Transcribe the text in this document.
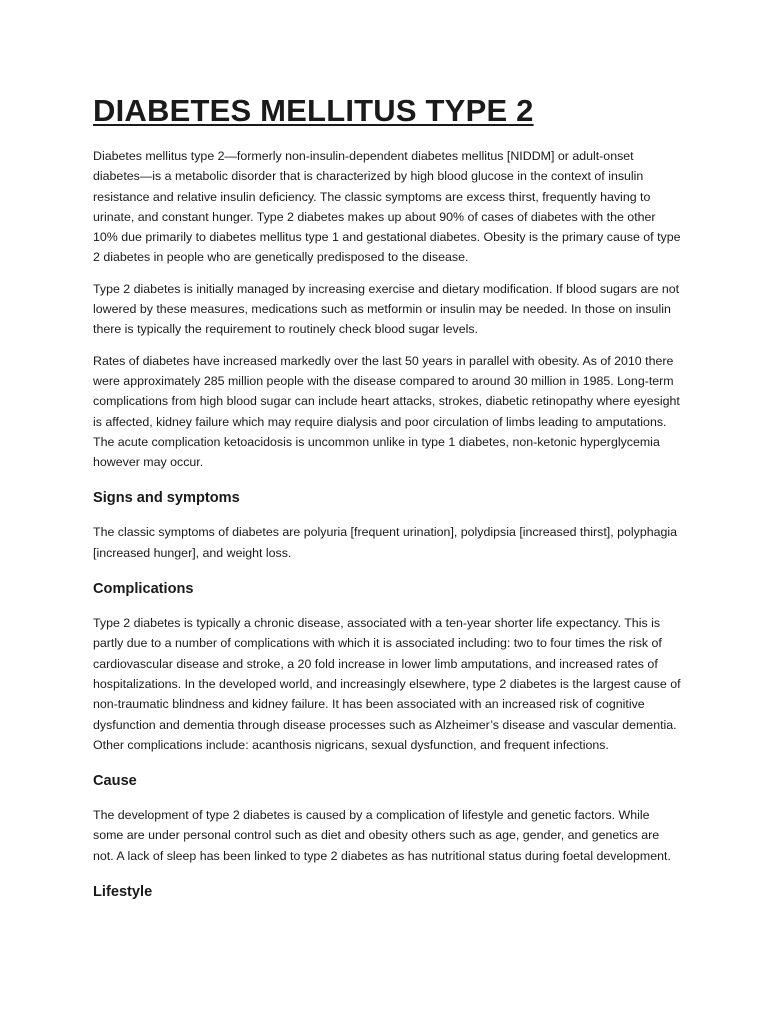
DIABETES MELLITUS TYPE 2

Diabetes mellitus type 2—formerly non-insulin-dependent diabetes mellitus [NIDDM] or adult-onset diabetes—is a metabolic disorder that is characterized by high blood glucose in the context of insulin resistance and relative insulin deficiency. The classic symptoms are excess thirst, frequently having to urinate, and constant hunger. Type 2 diabetes makes up about 90% of cases of diabetes with the other 10% due primarily to diabetes mellitus type 1 and gestational diabetes. Obesity is the primary cause of type 2 diabetes in people who are genetically predisposed to the disease.

Type 2 diabetes is initially managed by increasing exercise and dietary modification. If blood sugars are not lowered by these measures, medications such as metformin or insulin may be needed. In those on insulin there is typically the requirement to routinely check blood sugar levels.

Rates of diabetes have increased markedly over the last 50 years in parallel with obesity. As of 2010 there were approximately 285 million people with the disease compared to around 30 million in 1985. Long-term complications from high blood sugar can include heart attacks, strokes, diabetic retinopathy where eyesight is affected, kidney failure which may require dialysis and poor circulation of limbs leading to amputations. The acute complication ketoacidosis is uncommon unlike in type 1 diabetes, non-ketonic hyperglycemia however may occur.

Signs and symptoms

The classic symptoms of diabetes are polyuria [frequent urination], polydipsia [increased thirst], polyphagia [increased hunger], and weight loss.

Complications

Type 2 diabetes is typically a chronic disease, associated with a ten-year shorter life expectancy. This is partly due to a number of complications with which it is associated including: two to four times the risk of cardiovascular disease and stroke, a 20 fold increase in lower limb amputations, and increased rates of hospitalizations. In the developed world, and increasingly elsewhere, type 2 diabetes is the largest cause of non-traumatic blindness and kidney failure. It has been associated with an increased risk of cognitive dysfunction and dementia through disease processes such as Alzheimer’s disease and vascular dementia. Other complications include: acanthosis nigricans, sexual dysfunction, and frequent infections.

Cause

The development of type 2 diabetes is caused by a complication of lifestyle and genetic factors. While some are under personal control such as diet and obesity others such as age, gender, and genetics are not. A lack of sleep has been linked to type 2 diabetes as has nutritional status during foetal development.

Lifestyle
